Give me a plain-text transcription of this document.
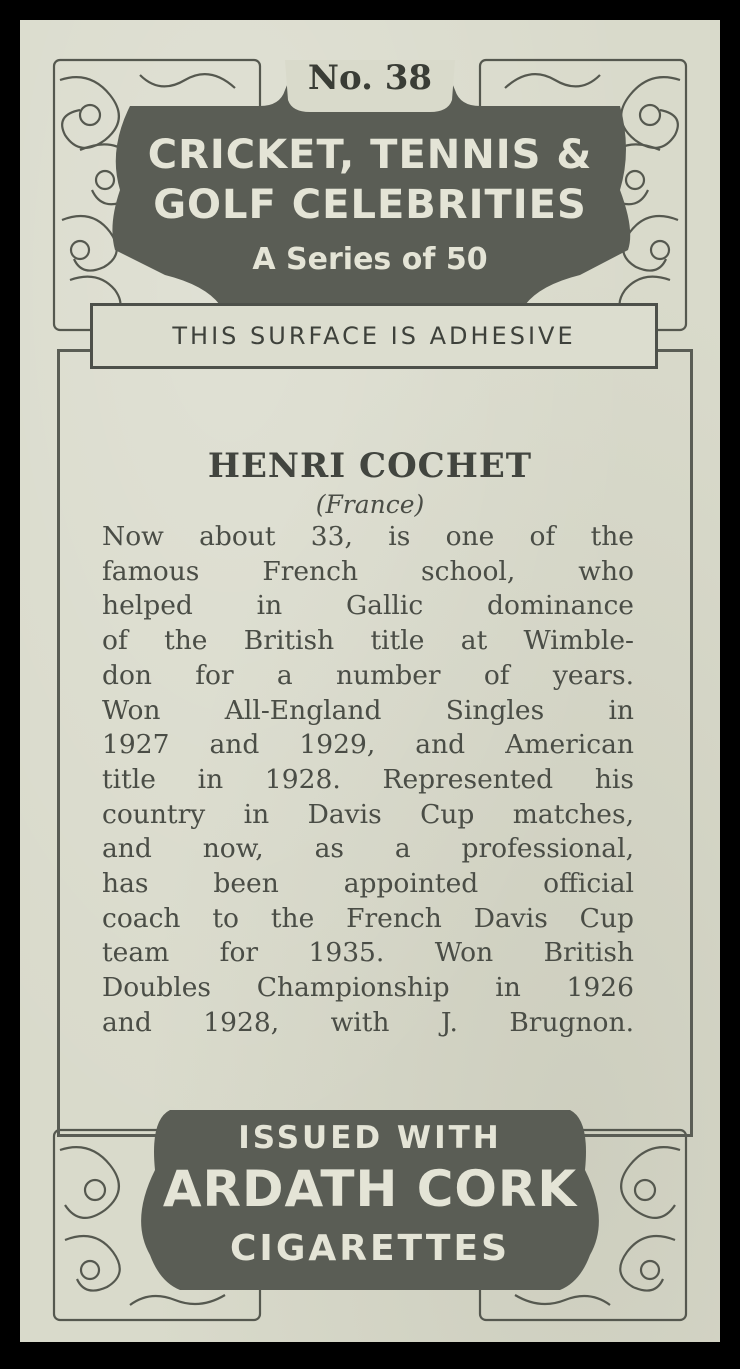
No. 38
CRICKET, TENNIS &
GOLF CELEBRITIES
A Series of 50
THIS SURFACE IS ADHESIVE
HENRI COCHET
(France)
Now about 33, is one of the
famous French school, who
helped in Gallic dominance
of the British title at Wimble-
don for a number of years.
Won All-England Singles in
1927 and 1929, and American
title in 1928. Represented his
country in Davis Cup matches,
and now, as a professional,
has been appointed official
coach to the French Davis Cup
team for 1935. Won British
Doubles Championship in 1926
and 1928, with J. Brugnon.
ISSUED WITH
ARDATH CORK
CIGARETTES
